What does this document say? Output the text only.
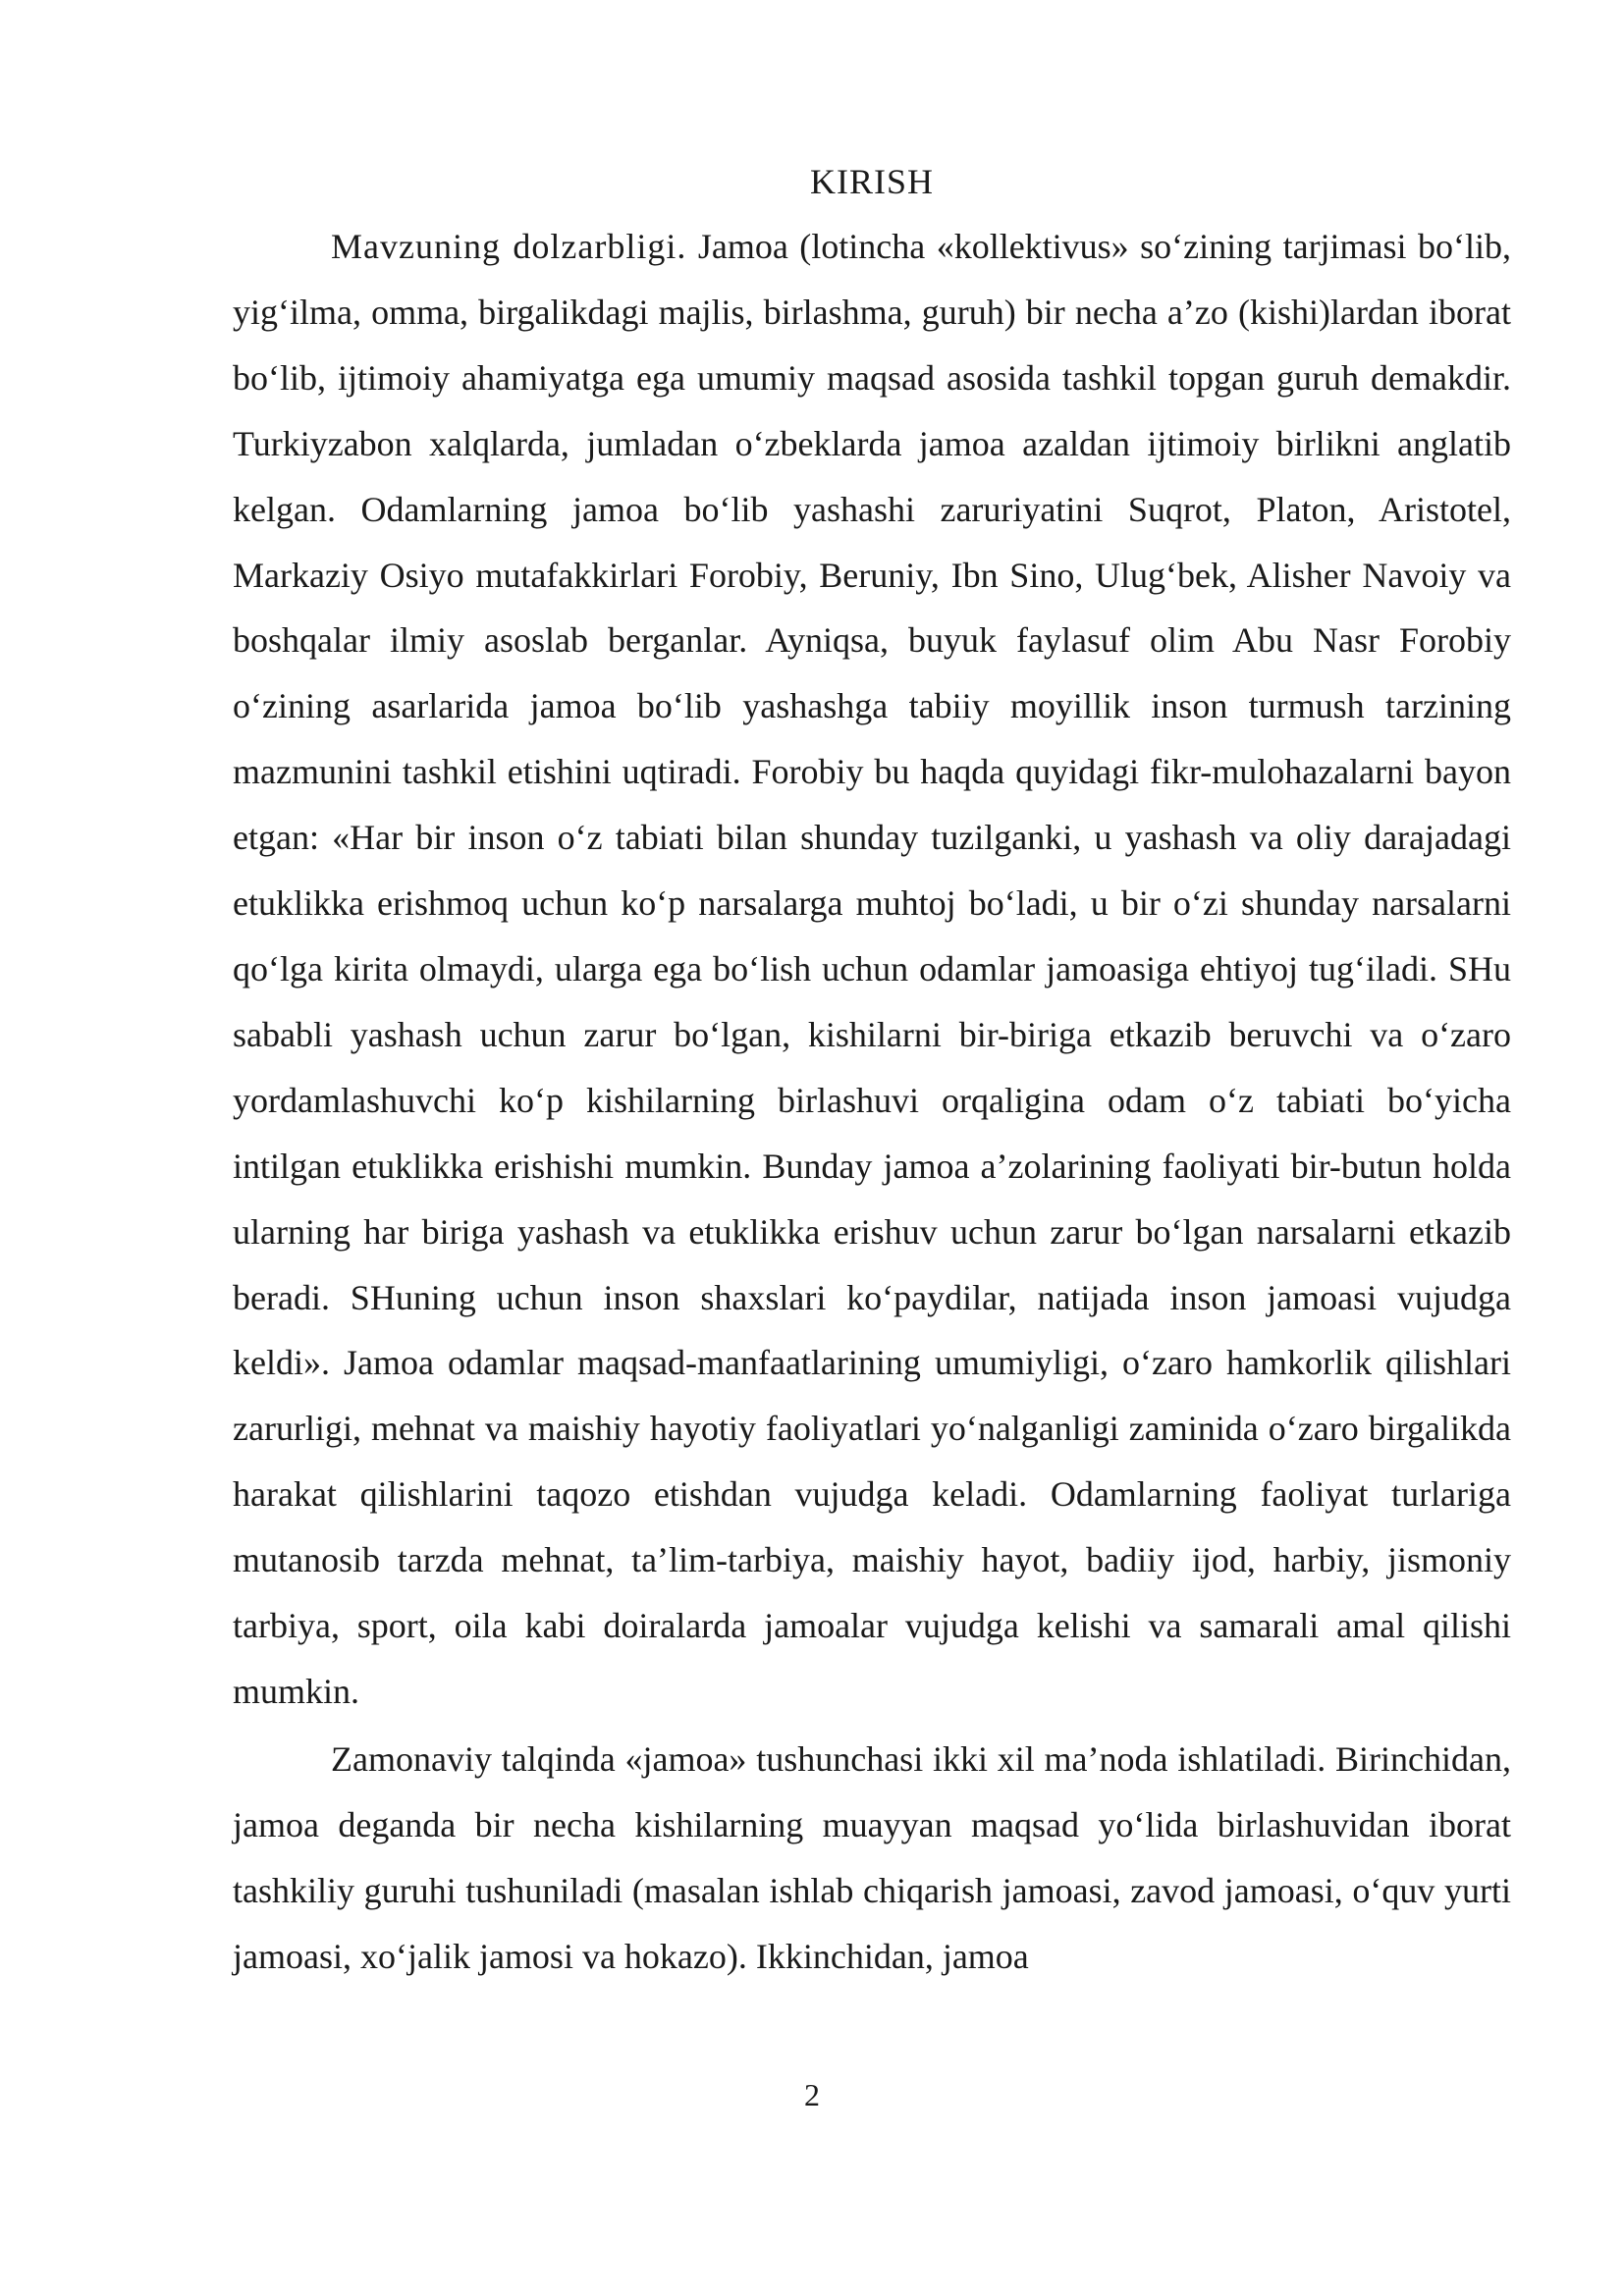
KIRISH

Mavzuning dolzarbligi. Jamoa (lotincha «kollektivus» so‘zining tarjimasi bo‘lib, yig‘ilma, omma, birgalikdagi majlis, birlashma, guruh) bir necha a’zo (kishi)lardan iborat bo‘lib, ijtimoiy ahamiyatga ega umumiy maqsad asosida tashkil topgan guruh demakdir. Turkiyzabon xalqlarda, jumladan o‘zbeklarda jamoa azaldan ijtimoiy birlikni anglatib kelgan. Odamlarning jamoa bo‘lib yashashi zaruriyatini Suqrot, Platon, Aristotel, Markaziy Osiyo mutafakkirlari Forobiy, Beruniy, Ibn Sino, Ulug‘bek, Alisher Navoiy va boshqalar ilmiy asoslab berganlar. Ayniqsa, buyuk faylasuf olim Abu Nasr Forobiy o‘zining asarlarida jamoa bo‘lib yashashga tabiiy moyillik inson turmush tarzining mazmunini tashkil etishini uqtiradi. Forobiy bu haqda quyidagi fikr-mulohazalarni bayon etgan: «Har bir inson o‘z tabiati bilan shunday tuzilganki, u yashash va oliy darajadagi etuklikka erishmoq uchun ko‘p narsalarga muhtoj bo‘ladi, u bir o‘zi shunday narsalarni qo‘lga kirita olmaydi, ularga ega bo‘lish uchun odamlar jamoasiga ehtiyoj tug‘iladi. SHu sababli yashash uchun zarur bo‘lgan, kishilarni bir-biriga etkazib beruvchi va o‘zaro yordamlashuvchi ko‘p kishilarning birlashuvi orqaligina odam o‘z tabiati bo‘yicha intilgan etuklikka erishishi mumkin. Bunday jamoa a’zolarining faoliyati bir-butun holda ularning har biriga yashash va etuklikka erishuv uchun zarur bo‘lgan narsalarni etkazib beradi. SHuning uchun inson shaxslari ko‘paydilar, natijada inson jamoasi vujudga keldi». Jamoa odamlar maqsad-manfaatlarining umumiyligi, o‘zaro hamkorlik qilishlari zarurligi, mehnat va maishiy hayotiy faoliyatlari yo‘nalganligi zaminida o‘zaro birgalikda harakat qilishlarini taqozo etishdan vujudga keladi. Odamlarning faoliyat turlariga mutanosib tarzda mehnat, ta’lim-tarbiya, maishiy hayot, badiiy ijod, harbiy, jismoniy tarbiya, sport, oila kabi doiralarda jamoalar vujudga kelishi va samarali amal qilishi mumkin.

Zamonaviy talqinda «jamoa» tushunchasi ikki xil ma’noda ishlatiladi. Birinchidan, jamoa deganda bir necha kishilarning muayyan maqsad yo‘lida birlashuvidan iborat tashkiliy guruhi tushuniladi (masalan ishlab chiqarish jamoasi, zavod jamoasi, o‘quv yurti jamoasi, xo‘jalik jamosi va hokazo). Ikkinchidan, jamoa

2
